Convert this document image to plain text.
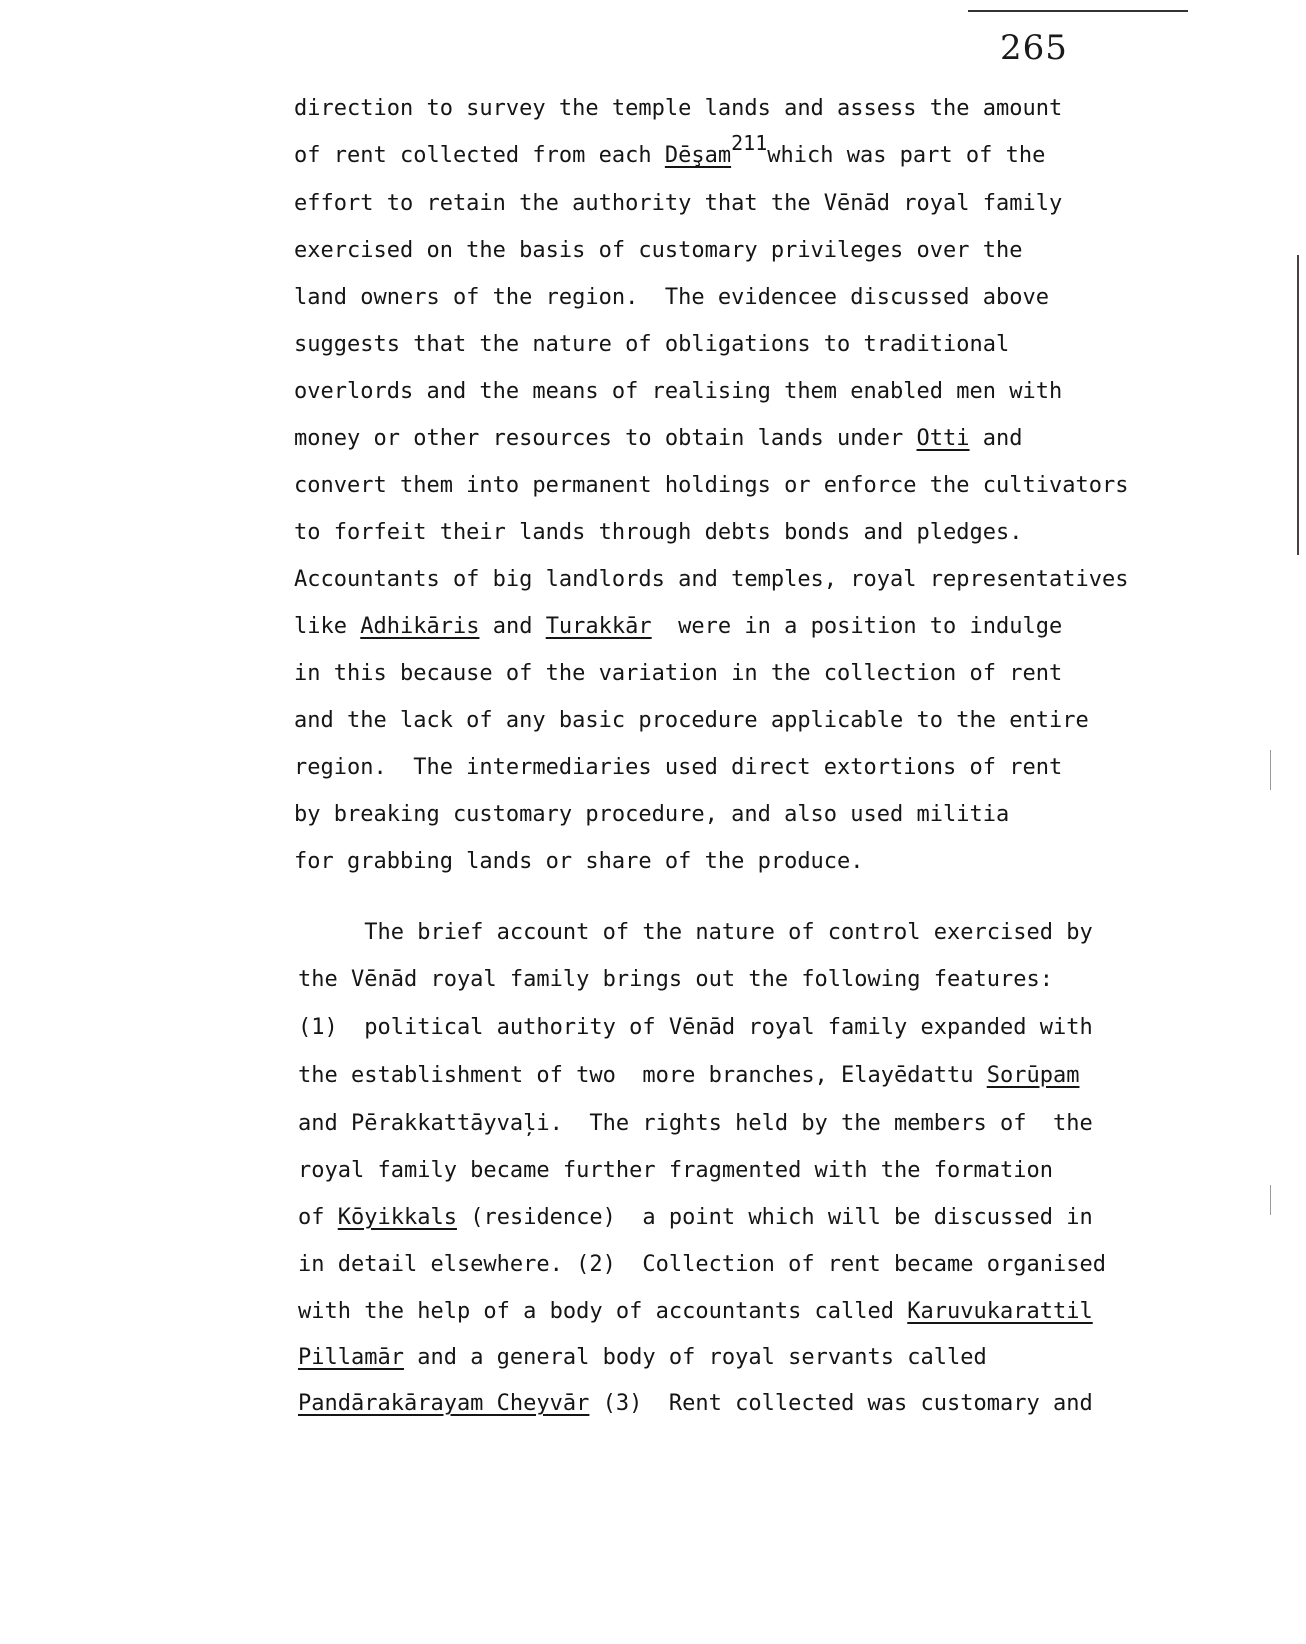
265
direction to survey the temple lands and assess the amount
of rent collected from each Dēşam$^{211}$which was part of the
effort to retain the authority that the Vēnād royal family
exercised on the basis of customary privileges over the
land owners of the region.  The evidencee discussed above
suggests that the nature of obligations to traditional
overlords and the means of realising them enabled men with
money or other resources to obtain lands under Otti and
convert them into permanent holdings or enforce the cultivators
to forfeit their lands through debts bonds and pledges.
Accountants of big landlords and temples, royal representatives
like Adhikāris and Turakkār  were in a position to indulge
in this because of the variation in the collection of rent
and the lack of any basic procedure applicable to the entire
region.  The intermediaries used direct extortions of rent
by breaking customary procedure, and also used militia
for grabbing lands or share of the produce.
The brief account of the nature of control exercised by
the Vēnād royal family brings out the following features:
(1)  political authority of Vēnād royal family expanded with
the establishment of two  more branches, Elayēdattu Sorūpam
and Pērakkattāyvaļi.  The rights held by the members of  the
royal family became further fragmented with the formation
of Kōyikkals (residence)  a point which will be discussed in
in detail elsewhere. (2)  Collection of rent became organised
with the help of a body of accountants called Karuvukarattil
Pillamār and a general body of royal servants called
Pandārakārayam Cheyvār (3)  Rent collected was customary and
